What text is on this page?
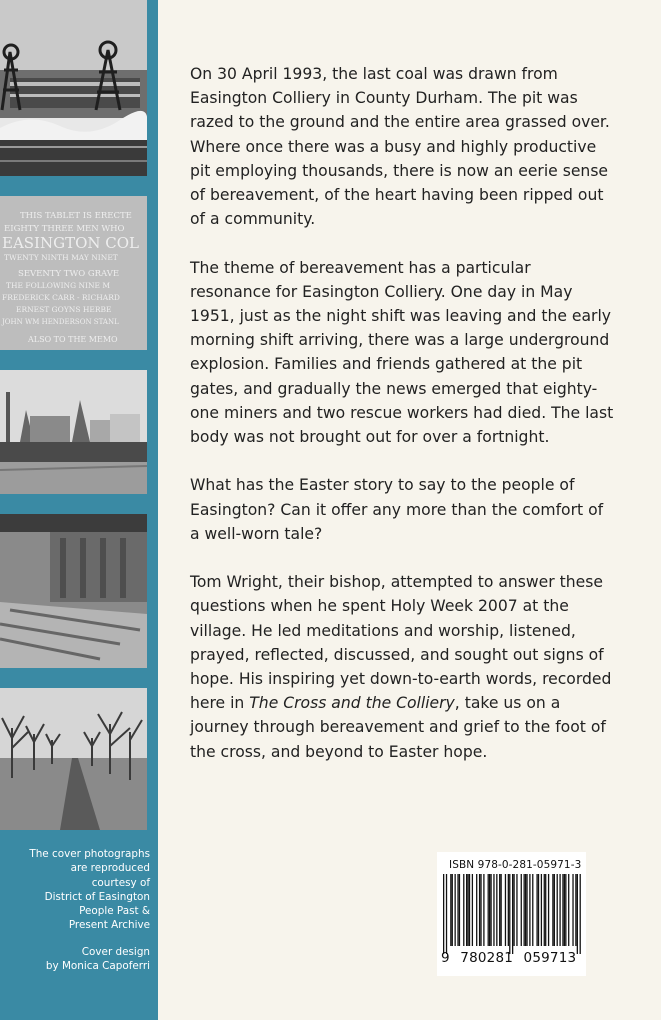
THIS TABLET IS ERECTE
EIGHTY THREE MEN WHO
EASINGTON COL
TWENTY NINTH MAY NINET
SEVENTY TWO GRAVE
THE FOLLOWING NINE M
FREDERICK CARR - RICHARD
ERNEST GOYNS HERBE
JOHN WM HENDERSON STANL
ALSO TO THE MEMO
The cover photographs
are reproduced
courtesy of
District of Easington
People Past &
Present Archive
Cover design
by Monica Capoferri

On 30 April 1993, the last coal was drawn from Easington Colliery in County Durham. The pit was razed to the ground and the entire area grassed over. Where once there was a busy and highly productive pit employing thousands, there is now an eerie sense of bereavement, of the heart having been ripped out of a community.

The theme of bereavement has a particular resonance for Easington Colliery. One day in May 1951, just as the night shift was leaving and the early morning shift arriving, there was a large underground explosion. Families and friends gathered at the pit gates, and gradually the news emerged that eighty-one miners and two rescue workers had died. The last body was not brought out for over a fortnight.

What has the Easter story to say to the people of Easington? Can it offer any more than the comfort of a well-worn tale?

Tom Wright, their bishop, attempted to answer these questions when he spent Holy Week 2007 at the village. He led meditations and worship, listened, prayed, reflected, discussed, and sought out signs of hope. His inspiring yet down-to-earth words, recorded here in The Cross and the Colliery, take us on a journey through bereavement and grief to the foot of the cross, and beyond to Easter hope.

ISBN 978-0-281-05971-3
9 780281 059713
